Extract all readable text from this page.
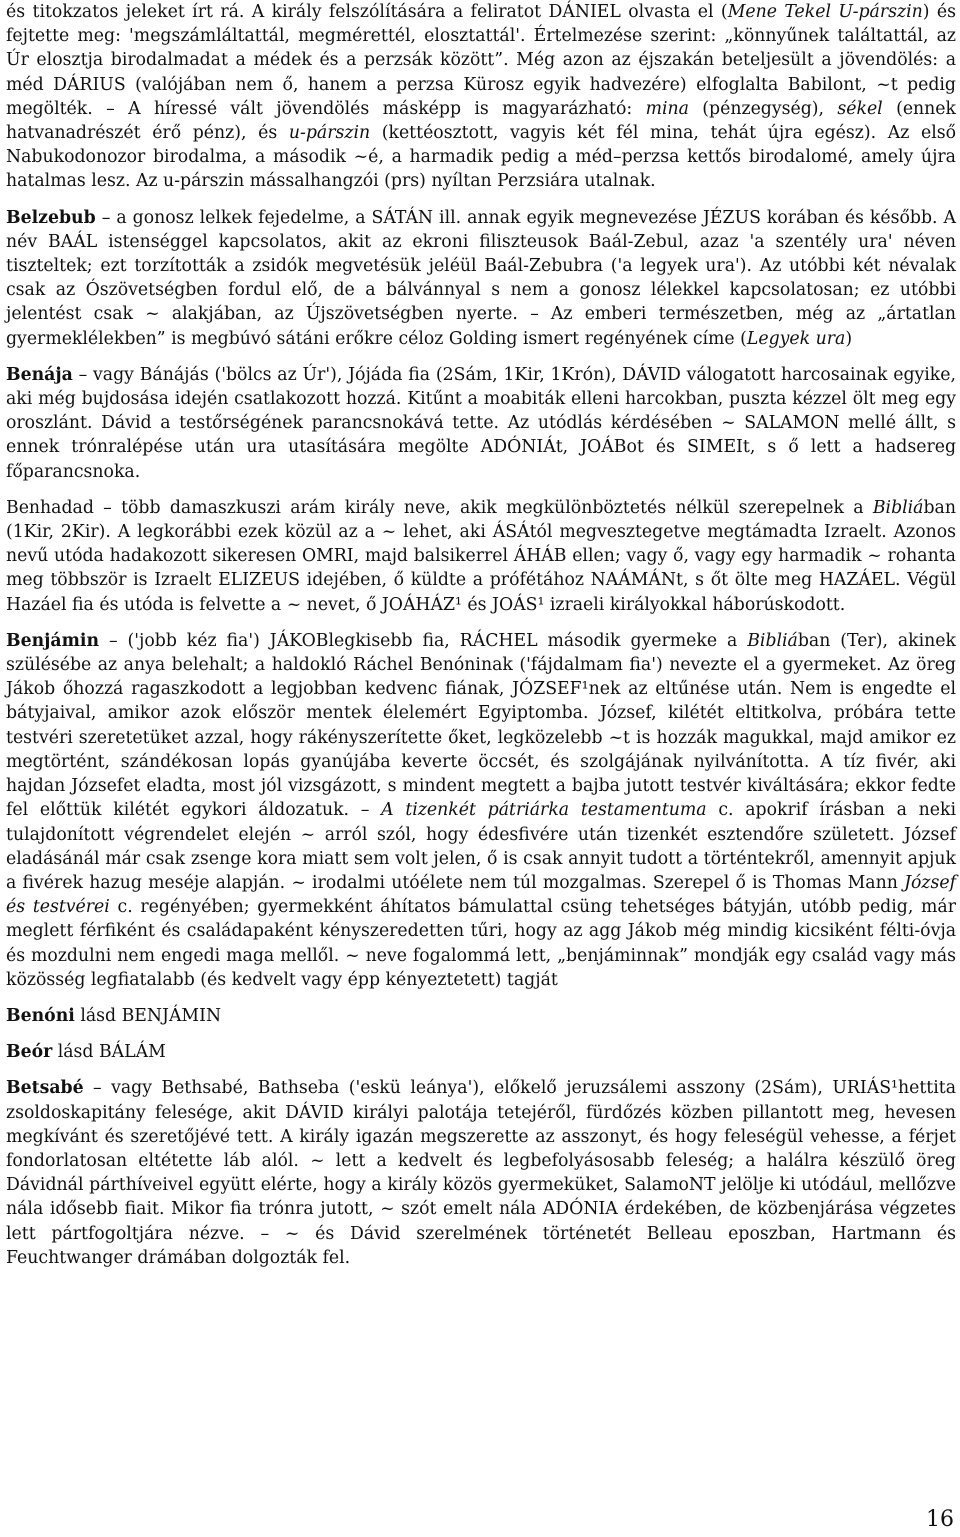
és titokzatos jeleket írt rá. A király felszólítására a feliratot DÁNIEL olvasta el (Mene Tekel U-párszin) és fejtette meg: 'megszámláltattál, megmérettél, elosztattál'. Értelmezése szerint: „könnyűnek találtattál, az Úr elosztja birodalmadat a médek és a perzsák között”. Még azon az éjszakán beteljesült a jövendölés: a méd DÁRIUS (valójában nem ő, hanem a perzsa Kürosz egyik hadvezére) elfoglalta Babilont, ~t pedig megölték. – A híressé vált jövendölés másképp is magyarázható: mina (pénzegység), sékel (ennek hatvanadrészét érő pénz), és u-párszin (kettéosztott, vagyis két fél mina, tehát újra egész). Az első Nabukodonozor birodalma, a második ~é, a harmadik pedig a méd–perzsa kettős birodalomé, amely újra hatalmas lesz. Az u-párszin mássalhangzói (prs) nyíltan Perzsiára utalnak.

Belzebub – a gonosz lelkek fejedelme, a SÁTÁN ill. annak egyik megnevezése JÉZUS korában és később. A név BAÁL istenséggel kapcsolatos, akit az ekroni filiszteusok Baál-Zebul, azaz 'a szentély ura' néven tiszteltek; ezt torzították a zsidók megvetésük jeléül Baál-Zebubra ('a legyek ura'). Az utóbbi két névalak csak az Ószövetségben fordul elő, de a bálvánnyal s nem a gonosz lélekkel kapcsolatosan; ez utóbbi jelentést csak ~ alakjában, az Újszövetségben nyerte. – Az emberi természetben, még az „ártatlan gyermeklélekben” is megbúvó sátáni erőkre céloz Golding ismert regényének címe (Legyek ura)

Benája – vagy Bánájás ('bölcs az Úr'), Jójáda fia (2Sám, 1Kir, 1Krón), DÁVID válogatott harcosainak egyike, aki még bujdosása idején csatlakozott hozzá. Kitűnt a moabiták elleni harcokban, puszta kézzel ölt meg egy oroszlánt. Dávid a testőrségének parancsnokává tette. Az utódlás kérdésében ~ SALAMON mellé állt, s ennek trónralépése után ura utasítására megölte ADÓNIÁt, JOÁBot és SIMEIt, s ő lett a hadsereg főparancsnoka.

Benhadad – több damaszkuszi arám király neve, akik megkülönböztetés nélkül szerepelnek a Bibliában (1Kir, 2Kir). A legkorábbi ezek közül az a ~ lehet, aki ÁSÁtól megvesztegetve megtámadta Izraelt. Azonos nevű utóda hadakozott sikeresen OMRI, majd balsikerrel ÁHÁB ellen; vagy ő, vagy egy harmadik ~ rohanta meg többször is Izraelt ELIZEUS idejében, ő küldte a prófétához NAÁMÁNt, s őt ölte meg HAZÁEL. Végül Hazáel fia és utóda is felvette a ~ nevet, ő JOÁHÁZ¹ és JOÁS¹ izraeli királyokkal háborúskodott.

Benjámin – ('jobb kéz fia') JÁKOBlegkisebb fia, RÁCHEL második gyermeke a Bibliában (Ter), akinek szülésébe az anya belehalt; a haldokló Ráchel Benóninak ('fájdalmam fia') nevezte el a gyermeket. Az öreg Jákob őhozzá ragaszkodott a legjobban kedvenc fiának, JÓZSEF¹nek az eltűnése után. Nem is engedte el bátyjaival, amikor azok először mentek élelemért Egyiptomba. József, kilétét eltitkolva, próbára tette testvéri szeretetüket azzal, hogy rákényszerítette őket, legközelebb ~t is hozzák magukkal, majd amikor ez megtörtént, szándékosan lopás gyanújába keverte öccsét, és szolgájának nyilvánította. A tíz fivér, aki hajdan Józsefet eladta, most jól vizsgázott, s mindent megtett a bajba jutott testvér kiváltására; ekkor fedte fel előttük kilétét egykori áldozatuk. – A tizenkét pátriárka testamentuma c. apokrif írásban a neki tulajdonított végrendelet elején ~ arról szól, hogy édesfivére után tizenkét esztendőre született. József eladásánál már csak zsenge kora miatt sem volt jelen, ő is csak annyit tudott a történtekről, amennyit apjuk a fivérek hazug meséje alapján. ~ irodalmi utóélete nem túl mozgalmas. Szerepel ő is Thomas Mann József és testvérei c. regényében; gyermekként áhítatos bámulattal csüng tehetséges bátyján, utóbb pedig, már meglett férfiként és családapaként kényszeredetten tűri, hogy az agg Jákob még mindig kicsiként félti-óvja és mozdulni nem engedi maga mellől. ~ neve fogalommá lett, „benjáminnak” mondják egy család vagy más közösség legfiatalabb (és kedvelt vagy épp kényeztetett) tagját

Benóni lásd BENJÁMIN

Beór lásd BÁLÁM

Betsabé – vagy Bethsabé, Bathseba ('eskü leánya'), előkelő jeruzsálemi asszony (2Sám), URIÁS¹hettita zsoldoskapitány felesége, akit DÁVID királyi palotája tetejéről, fürdőzés közben pillantott meg, hevesen megkívánt és szeretőjévé tett. A király igazán megszerette az asszonyt, és hogy feleségül vehesse, a férjet fondorlatosan eltétette láb alól. ~ lett a kedvelt és legbefolyásosabb feleség; a halálra készülő öreg Dávidnál párthíveivel együtt elérte, hogy a király közös gyermeküket, SalamoNT jelölje ki utódául, mellőzve nála idősebb fiait. Mikor fia trónra jutott, ~ szót emelt nála ADÓNIA érdekében, de közbenjárása végzetes lett pártfogoltjára nézve. – ~ és Dávid szerelmének történetét Belleau eposzban, Hartmann és Feuchtwanger drámában dolgozták fel.

16
